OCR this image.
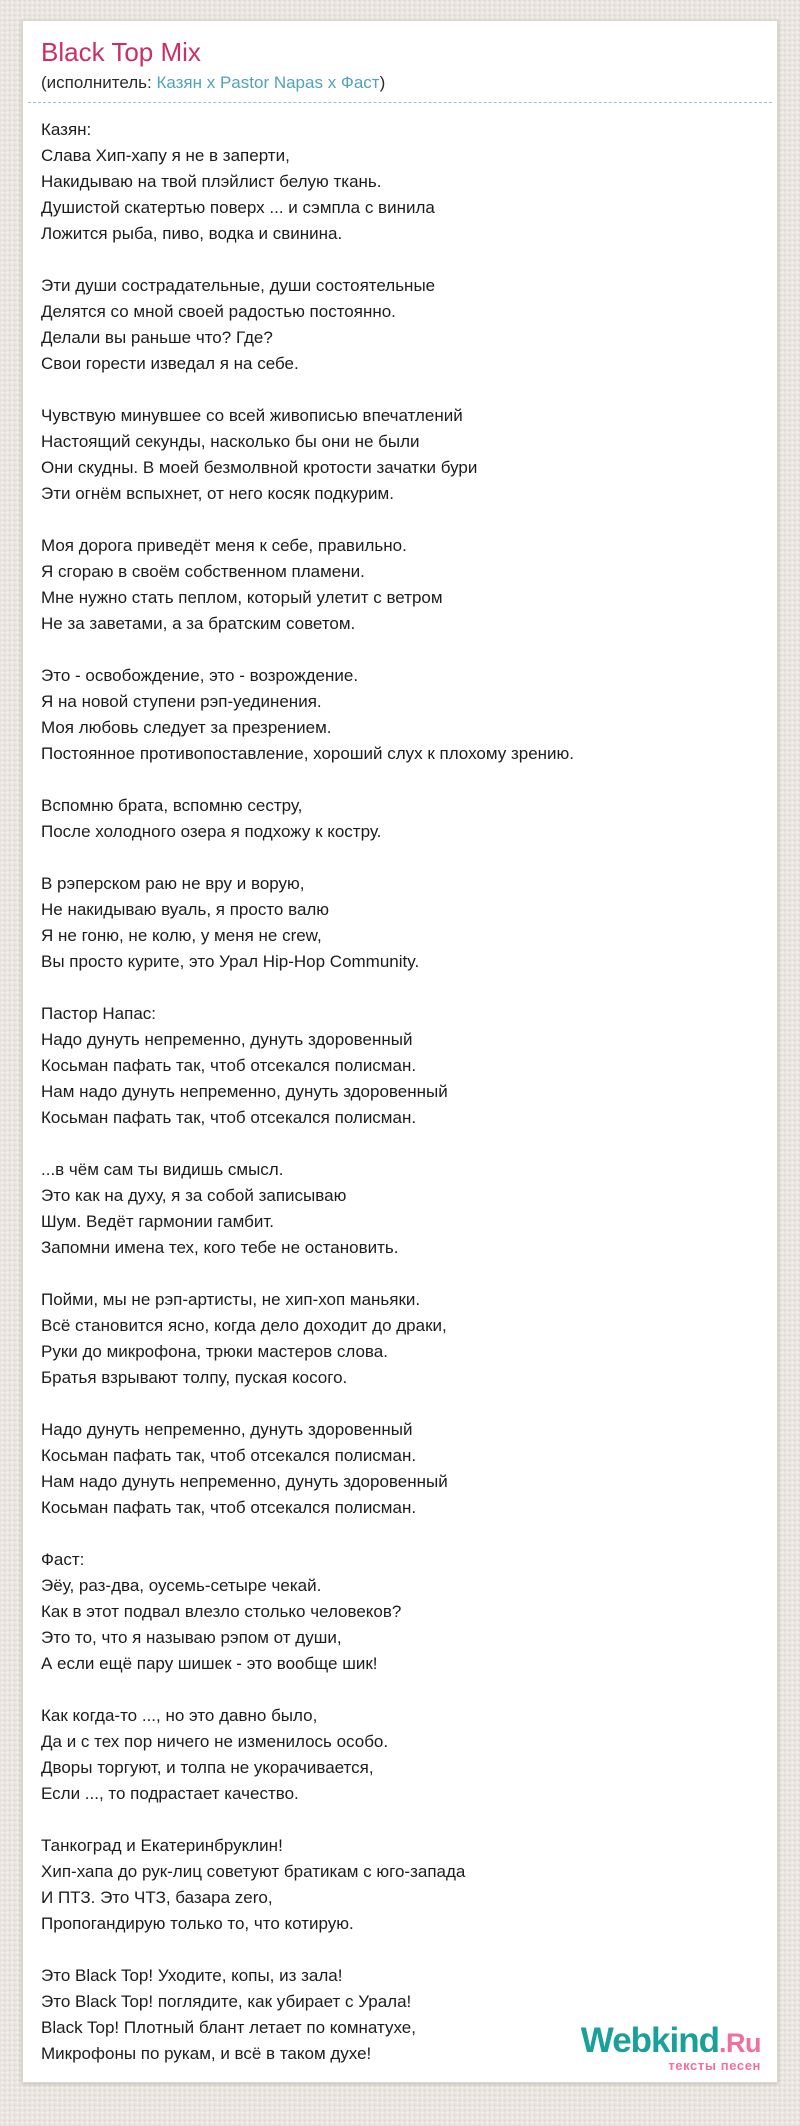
Black Top Mix
(исполнитель: Казян x Pastor Napas x Фаст)
Казян:
Слава Хип-хапу я не в заперти,
Накидываю на твой плэйлист белую ткань.
Душистой скатертью поверх ... и сэмпла с винила
Ложится рыба, пиво, водка и свинина.
Эти души сострадательные, души состоятельные
Делятся со мной своей радостью постоянно.
Делали вы раньше что? Где?
Свои горести изведал я на себе.
Чувствую минувшее со всей живописью впечатлений
Настоящий секунды, насколько бы они не были
Они скудны. В моей безмолвной кротости зачатки бури
Эти огнём вспыхнет, от него косяк подкурим.
Моя дорога приведёт меня к себе, правильно.
Я сгораю в своём собственном пламени.
Мне нужно стать пеплом, который улетит с ветром
Не за заветами, а за братским советом.
Это - освобождение, это - возрождение.
Я на новой ступени рэп-уединения.
Моя любовь следует за презрением.
Постоянное противопоставление, хороший слух к плохому зрению.
Вспомню брата, вспомню сестру,
После холодного озера я подхожу к костру.
В рэперском раю не вру и ворую,
Не накидываю вуаль, я просто валю
Я не гоню, не колю, у меня не crew,
Вы просто курите, это Урал Hip-Hop Community.
Пастор Напас:
Надо дунуть непременно, дунуть здоровенный
Косьман пафать так, чтоб отсекался полисман.
Нам надо дунуть непременно, дунуть здоровенный
Косьман пафать так, чтоб отсекался полисман.
...в чём сам ты видишь смысл.
Это как на духу, я за собой записываю
Шум. Ведёт гармонии гамбит.
Запомни имена тех, кого тебе не остановить.
Пойми, мы не рэп-артисты, не хип-хоп маньяки.
Всё становится ясно, когда дело доходит до драки,
Руки до микрофона, трюки мастеров слова.
Братья взрывают толпу, пуская косого.
Надо дунуть непременно, дунуть здоровенный
Косьман пафать так, чтоб отсекался полисман.
Нам надо дунуть непременно, дунуть здоровенный
Косьман пафать так, чтоб отсекался полисман.
Фаст:
Эёу, раз-два, оусемь-сетыре чекай.
Как в этот подвал влезло столько человеков?
Это то, что я называю рэпом от души,
А если ещё пару шишек - это вообще шик!
Как когда-то ..., но это давно было,
Да и с тех пор ничего не изменилось особо.
Дворы торгуют, и толпа не укорачивается,
Если ..., то подрастает качество.
Танкоград и Екатеринбруклин!
Хип-хапа до рук-лиц советуют братикам с юго-запада
И ПТЗ. Это ЧТЗ, базара zero,
Пропогандирую только то, что котирую.
Это Black Top! Уходите, копы, из зала!
Это Black Top! поглядите, как убирает с Урала!
Black Top! Плотный блант летает по комнатухе,
Микрофоны по рукам, и всё в таком духе!	Webkind.Ru
тексты песен
